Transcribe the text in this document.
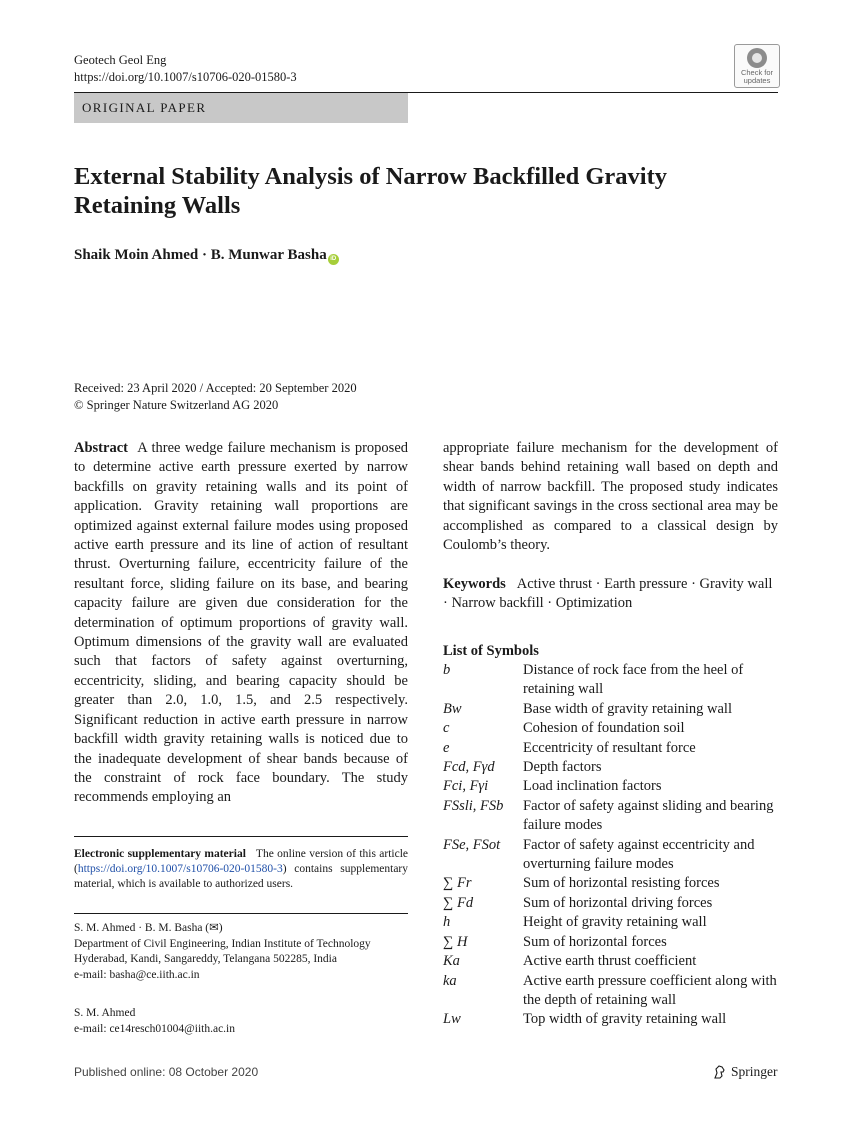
Geotech Geol Eng
https://doi.org/10.1007/s10706-020-01580-3	Check for updates
ORIGINAL PAPER
External Stability Analysis of Narrow Backfilled Gravity Retaining Walls
Shaik Moin Ahmed · B. Munwar Basha iD
Received: 23 April 2020 / Accepted: 20 September 2020
© Springer Nature Switzerland AG 2020
Abstract A three wedge failure mechanism is proposed to determine active earth pressure exerted by narrow backfills on gravity retaining walls and its point of application. Gravity retaining wall proportions are optimized against external failure modes using proposed active earth pressure and its line of action of resultant thrust. Overturning failure, eccentricity failure of the resultant force, sliding failure on its base, and bearing capacity failure are given due consideration for the determination of optimum proportions of gravity wall. Optimum dimensions of the gravity wall are evaluated such that factors of safety against overturning, eccentricity, sliding, and bearing capacity should be greater than 2.0, 1.0, 1.5, and 2.5 respectively. Significant reduction in active earth pressure in narrow backfill width gravity retaining walls is noticed due to the inadequate development of shear bands because of the constraint of rock face boundary. The study recommends employing an
appropriate failure mechanism for the development of shear bands behind retaining wall based on depth and width of narrow backfill. The proposed study indicates that significant savings in the cross sectional area may be accomplished as compared to a classical design by Coulomb’s theory.
Keywords Active thrust · Earth pressure · Gravity wall · Narrow backfill · Optimization
List of Symbols
b	Distance of rock face from the heel of retaining wall
Bw	Base width of gravity retaining wall
c	Cohesion of foundation soil
e	Eccentricity of resultant force
Fcd, Fγd	Depth factors
Fci, Fγi	Load inclination factors
FSsli, FSb	Factor of safety against sliding and bearing failure modes
FSe, FSot	Factor of safety against eccentricity and overturning failure modes
∑ Fr	Sum of horizontal resisting forces
∑ Fd	Sum of horizontal driving forces
h	Height of gravity retaining wall
∑ H	Sum of horizontal forces
Ka	Active earth thrust coefficient
ka	Active earth pressure coefficient along with the depth of retaining wall
Lw	Top width of gravity retaining wall
Electronic supplementary material The online version of this article (https://doi.org/10.1007/s10706-020-01580-3) contains supplementary material, which is available to authorized users.
S. M. Ahmed · B. M. Basha (✉)
Department of Civil Engineering, Indian Institute of Technology Hyderabad, Kandi, Sangareddy, Telangana 502285, India
e-mail: basha@ce.iith.ac.in
S. M. Ahmed
e-mail: ce14resch01004@iith.ac.in
Published online: 08 October 2020	Springer
